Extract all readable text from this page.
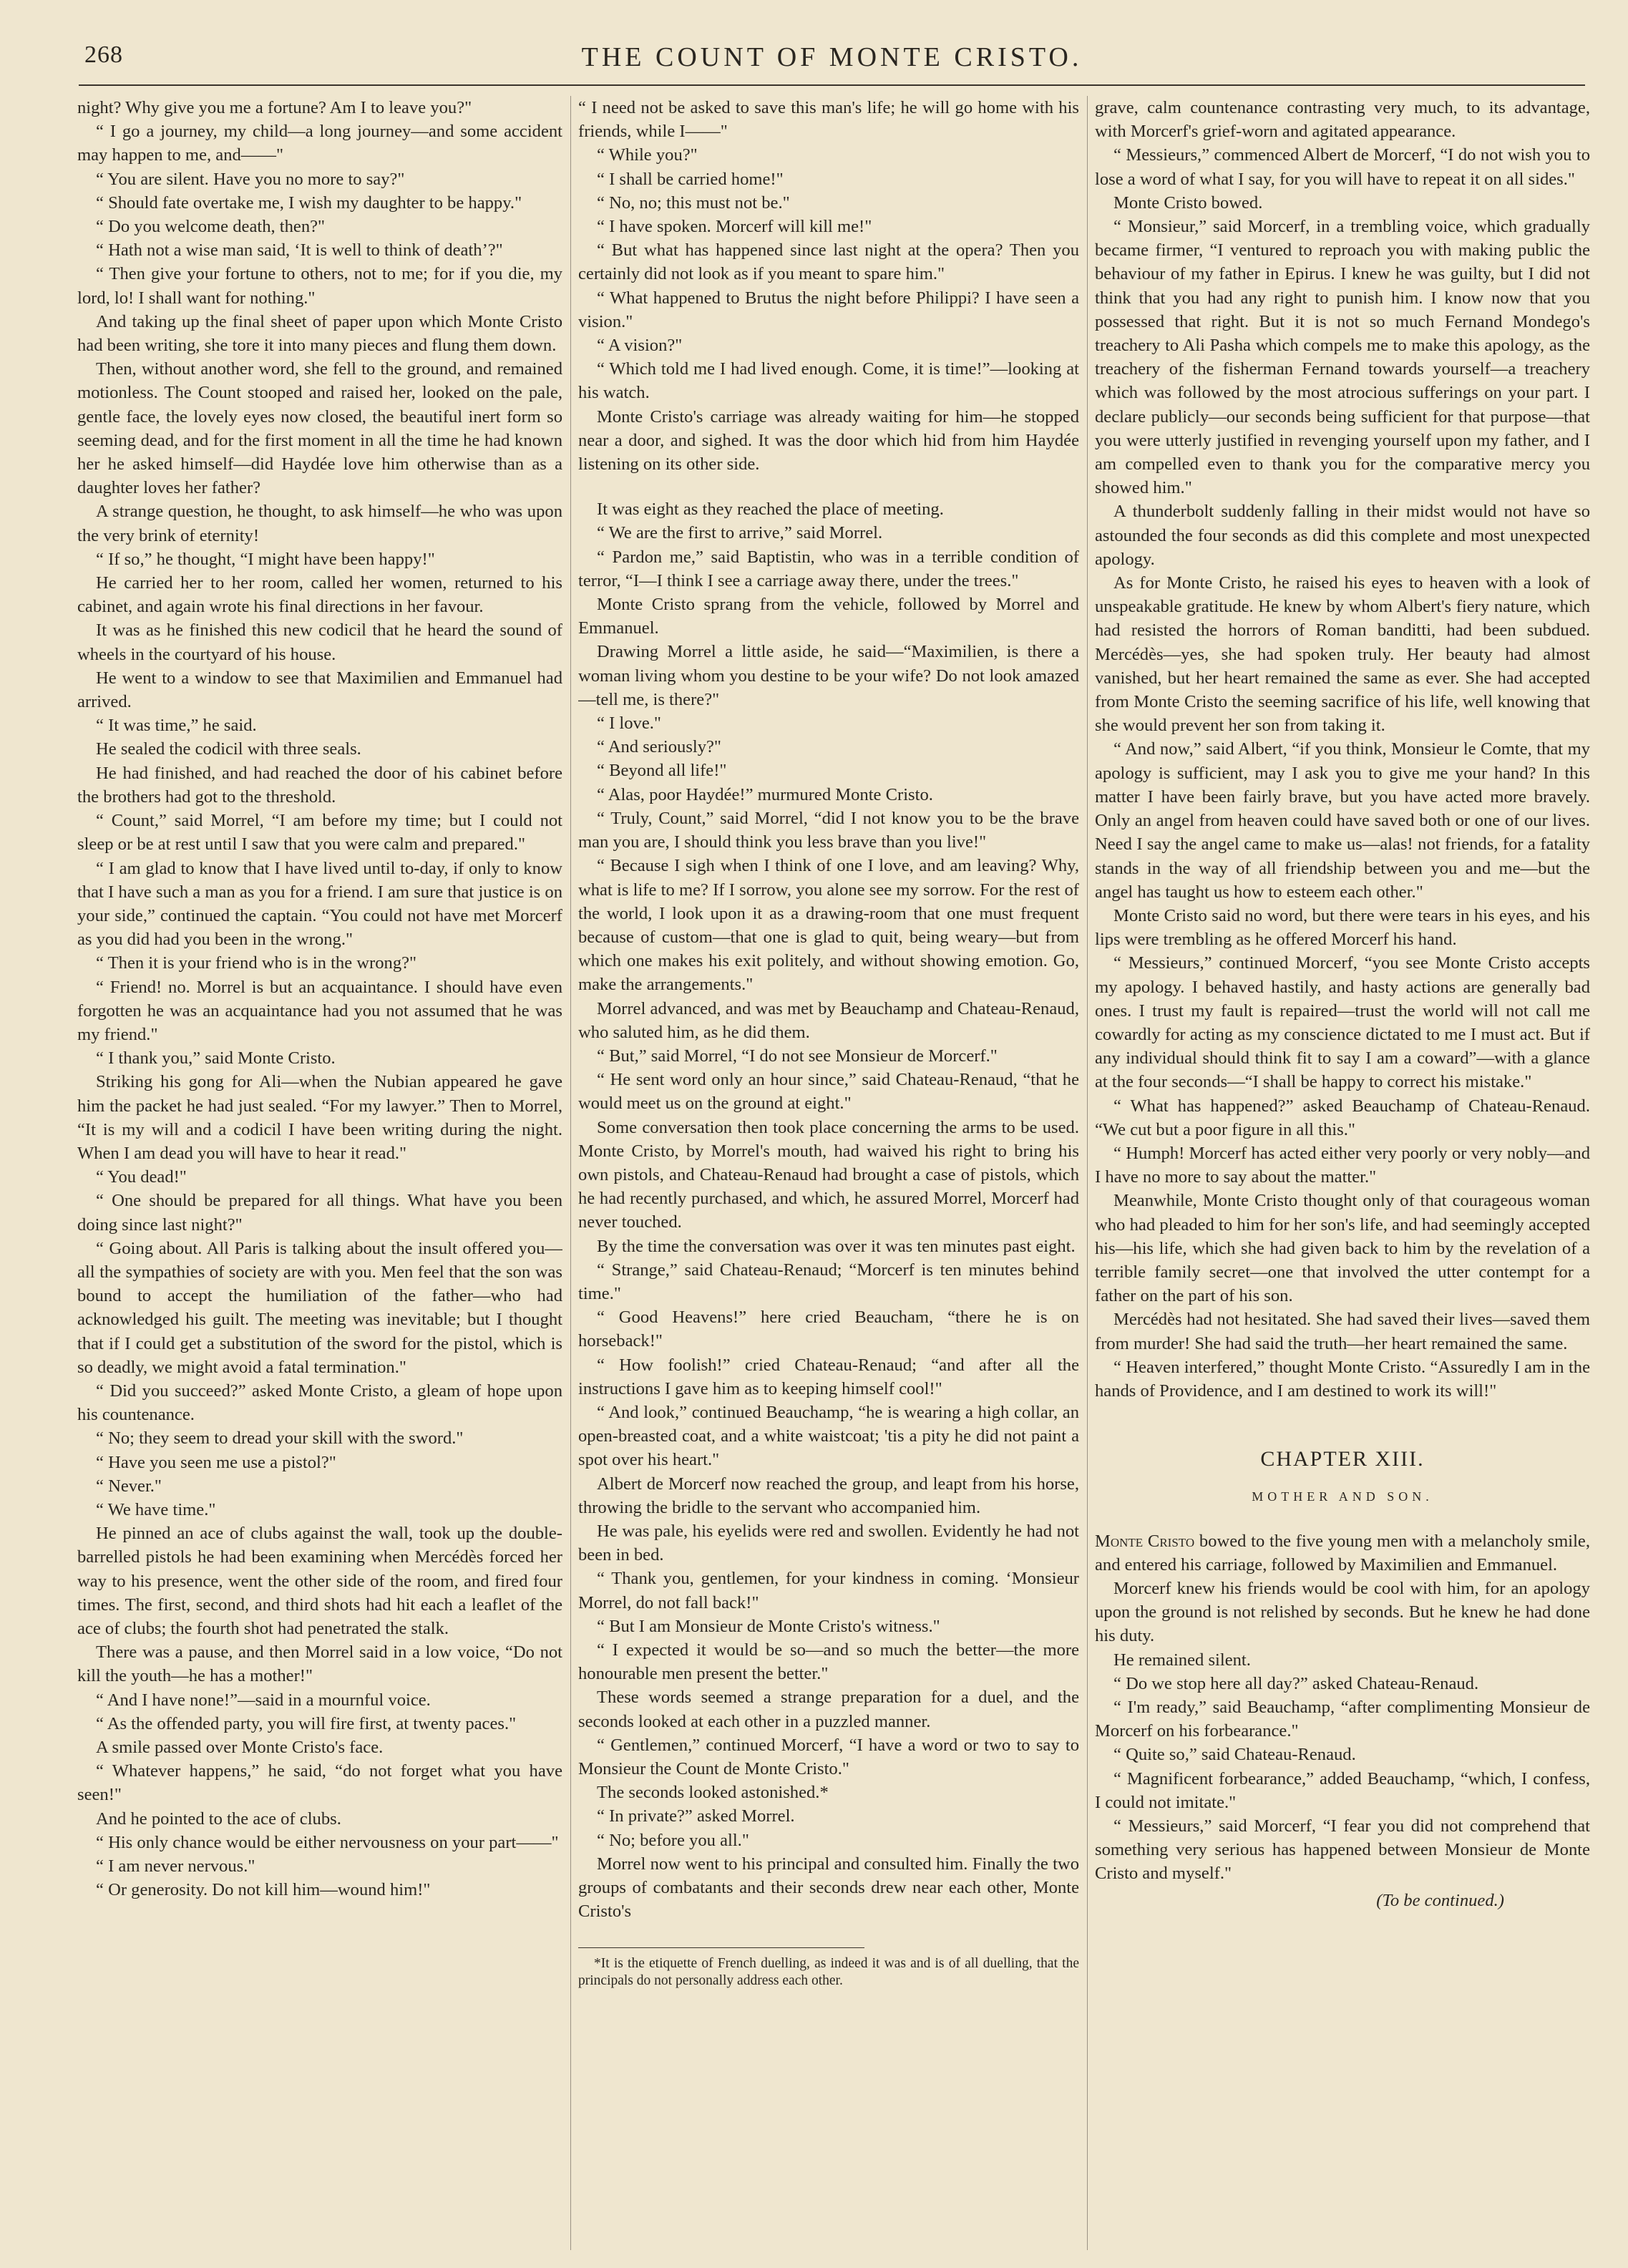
268	THE COUNT OF MONTE CRISTO.

night? Why give you me a fortune? Am I to leave you?"

“ I go a journey, my child—a long journey—and some accident may happen to me, and——"

“ You are silent. Have you no more to say?"

“ Should fate overtake me, I wish my daughter to be happy."

“ Do you welcome death, then?"

“ Hath not a wise man said, ‘It is well to think of death’?"

“ Then give your fortune to others, not to me; for if you die, my lord, lo! I shall want for nothing."

And taking up the final sheet of paper upon which Monte Cristo had been writing, she tore it into many pieces and flung them down.

Then, without another word, she fell to the ground, and remained motionless. The Count stooped and raised her, looked on the pale, gentle face, the lovely eyes now closed, the beautiful inert form so seeming dead, and for the first moment in all the time he had known her he asked himself—did Haydée love him otherwise than as a daughter loves her father?

A strange question, he thought, to ask himself—he who was upon the very brink of eternity!

“ If so,” he thought, “I might have been happy!"

He carried her to her room, called her women, returned to his cabinet, and again wrote his final directions in her favour.

It was as he finished this new codicil that he heard the sound of wheels in the courtyard of his house.

He went to a window to see that Maximilien and Emmanuel had arrived.

“ It was time,” he said.

He sealed the codicil with three seals.

He had finished, and had reached the door of his cabinet before the brothers had got to the threshold.

“ Count,” said Morrel, “I am before my time; but I could not sleep or be at rest until I saw that you were calm and prepared."

“ I am glad to know that I have lived until to-day, if only to know that I have such a man as you for a friend. I am sure that justice is on your side,” continued the captain. “You could not have met Morcerf as you did had you been in the wrong."

“ Then it is your friend who is in the wrong?"

“ Friend! no. Morrel is but an acquaintance. I should have even forgotten he was an acquaintance had you not assumed that he was my friend."

“ I thank you,” said Monte Cristo.

Striking his gong for Ali—when the Nubian appeared he gave him the packet he had just sealed. “For my lawyer.” Then to Morrel, “It is my will and a codicil I have been writing during the night. When I am dead you will have to hear it read."

“ You dead!"

“ One should be prepared for all things. What have you been doing since last night?"

“ Going about. All Paris is talking about the insult offered you—all the sympathies of society are with you. Men feel that the son was bound to accept the humiliation of the father—who had acknowledged his guilt. The meeting was inevitable; but I thought that if I could get a substitution of the sword for the pistol, which is so deadly, we might avoid a fatal termination."

“ Did you succeed?” asked Monte Cristo, a gleam of hope upon his countenance.

“ No; they seem to dread your skill with the sword."

“ Have you seen me use a pistol?"

“ Never."

“ We have time."

He pinned an ace of clubs against the wall, took up the double-barrelled pistols he had been examining when Mercédès forced her way to his presence, went the other side of the room, and fired four times. The first, second, and third shots had hit each a leaflet of the ace of clubs; the fourth shot had penetrated the stalk.

There was a pause, and then Morrel said in a low voice, “Do not kill the youth—he has a mother!"

“ And I have none!”—said in a mournful voice.

“ As the offended party, you will fire first, at twenty paces."

A smile passed over Monte Cristo's face.

“ Whatever happens,” he said, “do not forget what you have seen!"

And he pointed to the ace of clubs.

“ His only chance would be either nervousness on your part——"

“ I am never nervous."

“ Or generosity. Do not kill him—wound him!"

“ I need not be asked to save this man's life; he will go home with his friends, while I——"

“ While you?"

“ I shall be carried home!"

“ No, no; this must not be."

“ I have spoken. Morcerf will kill me!"

“ But what has happened since last night at the opera? Then you certainly did not look as if you meant to spare him."

“ What happened to Brutus the night before Philippi? I have seen a vision."

“ A vision?"

“ Which told me I had lived enough. Come, it is time!”—looking at his watch.

Monte Cristo's carriage was already waiting for him—he stopped near a door, and sighed. It was the door which hid from him Haydée listening on its other side.

It was eight as they reached the place of meeting.

“ We are the first to arrive,” said Morrel.

“ Pardon me,” said Baptistin, who was in a terrible condition of terror, “I—I think I see a carriage away there, under the trees."

Monte Cristo sprang from the vehicle, followed by Morrel and Emmanuel.

Drawing Morrel a little aside, he said—“Maximilien, is there a woman living whom you destine to be your wife? Do not look amazed—tell me, is there?"

“ I love."

“ And seriously?"

“ Beyond all life!"

“ Alas, poor Haydée!” murmured Monte Cristo.

“ Truly, Count,” said Morrel, “did I not know you to be the brave man you are, I should think you less brave than you live!"

“ Because I sigh when I think of one I love, and am leaving? Why, what is life to me? If I sorrow, you alone see my sorrow. For the rest of the world, I look upon it as a drawing-room that one must frequent because of custom—that one is glad to quit, being weary—but from which one makes his exit politely, and without showing emotion. Go, make the arrangements."

Morrel advanced, and was met by Beauchamp and Chateau-Renaud, who saluted him, as he did them.

“ But,” said Morrel, “I do not see Monsieur de Morcerf."

“ He sent word only an hour since,” said Chateau-Renaud, “that he would meet us on the ground at eight."

Some conversation then took place concerning the arms to be used. Monte Cristo, by Morrel's mouth, had waived his right to bring his own pistols, and Chateau-Renaud had brought a case of pistols, which he had recently purchased, and which, he assured Morrel, Morcerf had never touched.

By the time the conversation was over it was ten minutes past eight.

“ Strange,” said Chateau-Renaud; “Morcerf is ten minutes behind time."

“ Good Heavens!” here cried Beaucham, “there he is on horseback!"

“ How foolish!” cried Chateau-Renaud; “and after all the instructions I gave him as to keeping himself cool!"

“ And look,” continued Beauchamp, “he is wearing a high collar, an open-breasted coat, and a white waistcoat; 'tis a pity he did not paint a spot over his heart."

Albert de Morcerf now reached the group, and leapt from his horse, throwing the bridle to the servant who accompanied him.

He was pale, his eyelids were red and swollen. Evidently he had not been in bed.

“ Thank you, gentlemen, for your kindness in coming. ‘Monsieur Morrel, do not fall back!"

“ But I am Monsieur de Monte Cristo's witness."

“ I expected it would be so—and so much the better—the more honourable men present the better."

These words seemed a strange preparation for a duel, and the seconds looked at each other in a puzzled manner.

“ Gentlemen,” continued Morcerf, “I have a word or two to say to Monsieur the Count de Monte Cristo."

The seconds looked astonished.*

“ In private?” asked Morrel.

“ No; before you all."

Morrel now went to his principal and consulted him. Finally the two groups of combatants and their seconds drew near each other, Monte Cristo's

*It is the etiquette of French duelling, as indeed it was and is of all duelling, that the principals do not personally address each other.

grave, calm countenance contrasting very much, to its advantage, with Morcerf's grief-worn and agitated appearance.

“ Messieurs,” commenced Albert de Morcerf, “I do not wish you to lose a word of what I say, for you will have to repeat it on all sides."

Monte Cristo bowed.

“ Monsieur,” said Morcerf, in a trembling voice, which gradually became firmer, “I ventured to reproach you with making public the behaviour of my father in Epirus. I knew he was guilty, but I did not think that you had any right to punish him. I know now that you possessed that right. But it is not so much Fernand Mondego's treachery to Ali Pasha which compels me to make this apology, as the treachery of the fisherman Fernand towards yourself—a treachery which was followed by the most atrocious sufferings on your part. I declare publicly—our seconds being sufficient for that purpose—that you were utterly justified in revenging yourself upon my father, and I am compelled even to thank you for the comparative mercy you showed him."

A thunderbolt suddenly falling in their midst would not have so astounded the four seconds as did this complete and most unexpected apology.

As for Monte Cristo, he raised his eyes to heaven with a look of unspeakable gratitude. He knew by whom Albert's fiery nature, which had resisted the horrors of Roman banditti, had been subdued. Mercédès—yes, she had spoken truly. Her beauty had almost vanished, but her heart remained the same as ever. She had accepted from Monte Cristo the seeming sacrifice of his life, well knowing that she would prevent her son from taking it.

“ And now,” said Albert, “if you think, Monsieur le Comte, that my apology is sufficient, may I ask you to give me your hand? In this matter I have been fairly brave, but you have acted more bravely. Only an angel from heaven could have saved both or one of our lives. Need I say the angel came to make us—alas! not friends, for a fatality stands in the way of all friendship between you and me—but the angel has taught us how to esteem each other."

Monte Cristo said no word, but there were tears in his eyes, and his lips were trembling as he offered Morcerf his hand.

“ Messieurs,” continued Morcerf, “you see Monte Cristo accepts my apology. I behaved hastily, and hasty actions are generally bad ones. I trust my fault is repaired—trust the world will not call me cowardly for acting as my conscience dictated to me I must act. But if any individual should think fit to say I am a coward”—with a glance at the four seconds—“I shall be happy to correct his mistake."

“ What has happened?” asked Beauchamp of Chateau-Renaud. “We cut but a poor figure in all this."

“ Humph! Morcerf has acted either very poorly or very nobly—and I have no more to say about the matter."

Meanwhile, Monte Cristo thought only of that courageous woman who had pleaded to him for her son's life, and had seemingly accepted his—his life, which she had given back to him by the revelation of a terrible family secret—one that involved the utter contempt for a father on the part of his son.

Mercédès had not hesitated. She had saved their lives—saved them from murder! She had said the truth—her heart remained the same.

“ Heaven interfered,” thought Monte Cristo. “Assuredly I am in the hands of Providence, and I am destined to work its will!"

CHAPTER XIII.

MOTHER AND SON.

Monte Cristo bowed to the five young men with a melancholy smile, and entered his carriage, followed by Maximilien and Emmanuel.

Morcerf knew his friends would be cool with him, for an apology upon the ground is not relished by seconds. But he knew he had done his duty.

He remained silent.

“ Do we stop here all day?” asked Chateau-Renaud.

“ I'm ready,” said Beauchamp, “after complimenting Monsieur de Morcerf on his forbearance."

“ Quite so,” said Chateau-Renaud.

“ Magnificent forbearance,” added Beauchamp, “which, I confess, I could not imitate."

“ Messieurs,” said Morcerf, “I fear you did not comprehend that something very serious has happened between Monsieur de Monte Cristo and myself."

(To be continued.)
